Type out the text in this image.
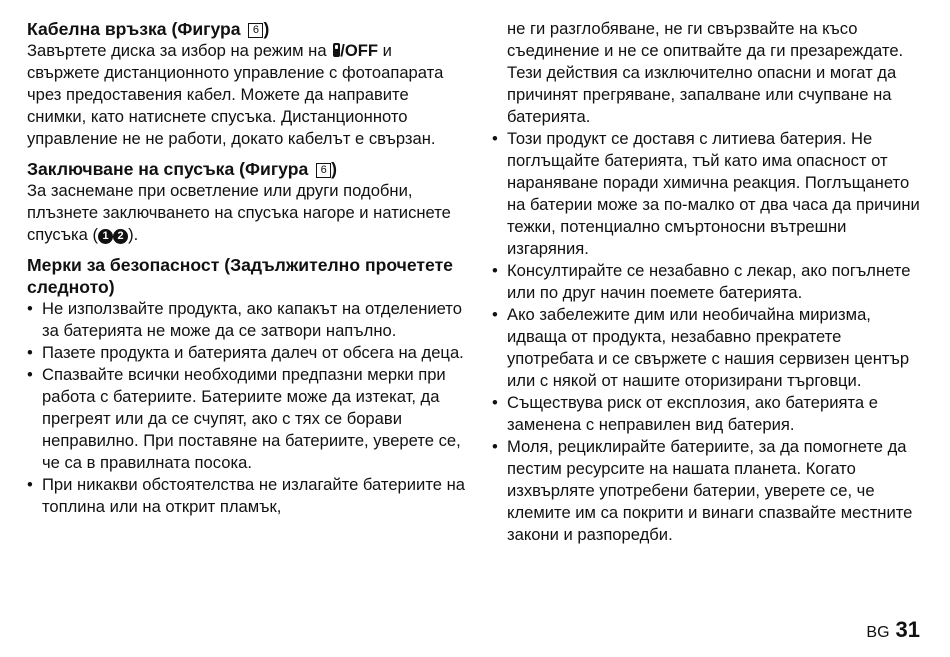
Кабелна връзка (Фигура 6 )

Завъртете диска за избор на режим на /OFF и свържете дистанционното управление с фотоапарата чрез предоставения кабел. Можете да направите снимки, като натиснете спусъка. Дистанционното управление не не работи, докато кабелът е свързан.

Заключване на спусъка (Фигура 6 )

За заснемане при осветление или други подобни, плъзнете заключването на спусъка нагоре и натиснете спусъка ( 1 2 ).

Мерки за безопасност (Задължително прочетете следното)
• Не използвайте продукта, ако капакът на отделението за батерията не може да се затвори напълно.
• Пазете продукта и батерията далеч от обсега на деца.
• Спазвайте всички необходими предпазни мерки при работа с батериите. Батериите може да изтекат, да прегреят или да се счупят, ако с тях се борави неправилно. При поставяне на батериите, уверете се, че са в правилната посока.
• При никакви обстоятелства не излагайте батериите на топлина или на открит пламък,

не ги разглобяване, не ги свързвайте на късо съединение и не се опитвайте да ги презареждате. Тези действия са изключително опасни и могат да причинят прегряване, запалване или счупване на батерията.

• Този продукт се доставя с литиева батерия. Не поглъщайте батерията, тъй като има опасност от нараняване поради химична реакция. Поглъщането на батерии може за по-малко от два часа да причини тежки, потенциално смъртоносни вътрешни изгаряния.
• Консултирайте се незабавно с лекар, ако погълнете или по друг начин поемете батерията.
• Ако забележите дим или необичайна миризма, идваща от продукта, незабавно прекратете употребата и се свържете с нашия сервизен център или с някой от нашите оторизирани търговци.
• Съществува риск от експлозия, ако батерията е заменена с неправилен вид батерия.
• Моля, рециклирайте батериите, за да помогнете да пестим ресурсите на нашата планета. Когато изхвърляте употребени батерии, уверете се, че клемите им са покрити и винаги спазвайте местните закони и разпоредби.
BG 31
